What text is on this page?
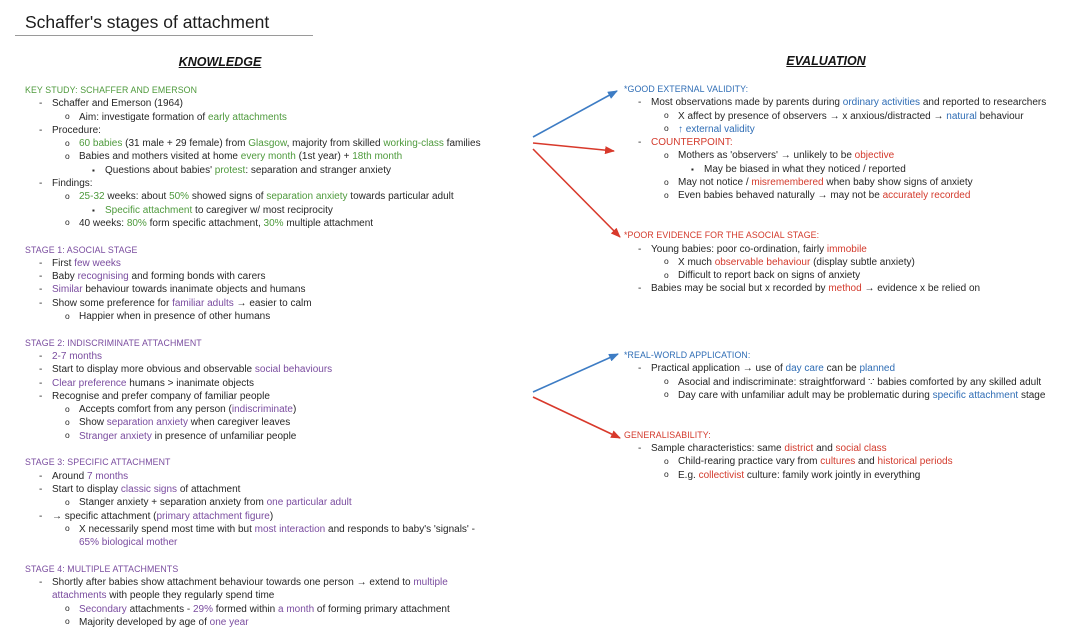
Schaffer's stages of attachment
KNOWLEDGE	EVALUATION
KEY STUDY: SCHAFFER AND EMERSON
- Schaffer and Emerson (1964)
o Aim: investigate formation of early attachments
- Procedure:
o 60 babies (31 male + 29 female) from Glasgow, majority from skilled working-class families
o Babies and mothers visited at home every month (1st year) + 18th month
▪ Questions about babies' protest: separation and stranger anxiety
- Findings:
o 25-32 weeks: about 50% showed signs of separation anxiety towards particular adult
▪ Specific attachment to caregiver w/ most reciprocity
o 40 weeks: 80% form specific attachment, 30% multiple attachment
STAGE 1: ASOCIAL STAGE
- First few weeks
- Baby recognising and forming bonds with carers
- Similar behaviour towards inanimate objects and humans
- Show some preference for familiar adults → easier to calm
o Happier when in presence of other humans
STAGE 2: INDISCRIMINATE ATTACHMENT
- 2-7 months
- Start to display more obvious and observable social behaviours
- Clear preference humans > inanimate objects
- Recognise and prefer company of familiar people
o Accepts comfort from any person (indiscriminate)
o Show separation anxiety when caregiver leaves
o Stranger anxiety in presence of unfamiliar people
STAGE 3: SPECIFIC ATTACHMENT
- Around 7 months
- Start to display classic signs of attachment
o Stanger anxiety + separation anxiety from one particular adult
- → specific attachment (primary attachment figure)
o X necessarily spend most time with but most interaction and responds to baby's 'signals' -
65% biological mother
STAGE 4: MULTIPLE ATTACHMENTS
- Shortly after babies show attachment behaviour towards one person → extend to multiple
attachments with people they regularly spend time
o Secondary attachments - 29% formed within a month of forming primary attachment
o Majority developed by age of one year
*GOOD EXTERNAL VALIDITY:
- Most observations made by parents during ordinary activities and reported to researchers
o X affect by presence of observers → x anxious/distracted → natural behaviour
o ↑ external validity
- COUNTERPOINT:
o Mothers as 'observers' → unlikely to be objective
▪ May be biased in what they noticed / reported
o May not notice / misremembered when baby show signs of anxiety
o Even babies behaved naturally → may not be accurately recorded
*POOR EVIDENCE FOR THE ASOCIAL STAGE:
- Young babies: poor co-ordination, fairly immobile
o X much observable behaviour (display subtle anxiety)
o Difficult to report back on signs of anxiety
- Babies may be social but x recorded by method → evidence x be relied on
*REAL-WORLD APPLICATION:
- Practical application → use of day care can be planned
o Asocial and indiscriminate: straightforward ∵ babies comforted by any skilled adult
o Day care with unfamiliar adult may be problematic during specific attachment stage
GENERALISABILITY:
- Sample characteristics: same district and social class
o Child-rearing practice vary from cultures and historical periods
o E.g. collectivist culture: family work jointly in everything
